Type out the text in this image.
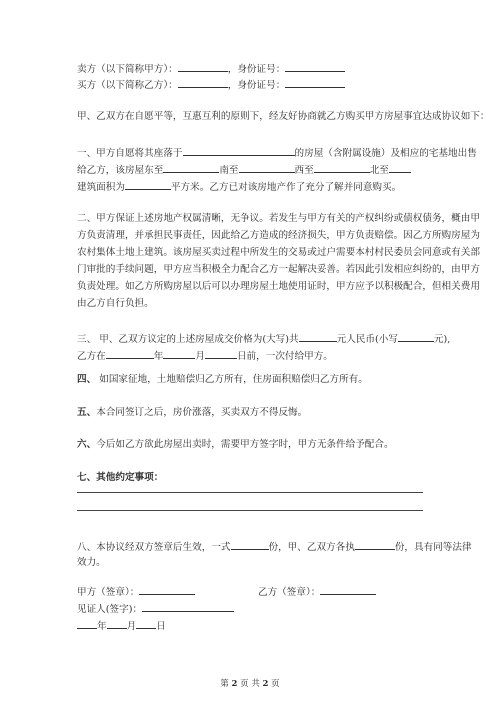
卖方（以下简称甲方）：	，身份证号：
买方（以下简称乙方）：	，身份证号：
甲、乙双方在自愿平等，互惠互利的原则下，经友好协商就乙方购买甲方房屋事宜达成协议如下：
一、甲方自愿将其座落于	的房屋（含附属设施）及相应的宅基地出售
给乙方，该房屋东至	南至	西至	北至
建筑面积为	平方米。乙方已对该房地产作了充分了解并同意购买。
二、甲方保证上述房地产权属清晰，无争议。若发生与甲方有关的产权纠纷或债权债务，概由甲
方负责清理，并承担民事责任，因此给乙方造成的经济损失，甲方负责赔偿。因乙方所购房屋为
农村集体土地上建筑。该房屋买卖过程中所发生的交易或过户需要本村村民委员会同意或有关部
门审批的手续问题，甲方应当积极全力配合乙方一起解决妥善。若因此引发相应纠纷的，由甲方
负责处理。如乙方所购房屋以后可以办理房屋土地使用证时，甲方应予以积极配合，但相关费用
由乙方自行负担。
三、 甲、乙双方议定的上述房屋成交价格为(大写)共	元人民币(小写	元),
乙方在	年	月	日前，一次付给甲方。
四、 如国家征地，土地赔偿归乙方所有，住房面积赔偿归乙方所有。
五、本合同签订之后，房价涨落，买卖双方不得反悔。
六、今后如乙方欲此房屋出卖时，需要甲方签字时，甲方无条件给予配合。
七、其他约定事项：
八、本协议经双方签章后生效，一式	份，甲、乙双方各执	份，具有同等法律
效力。
甲方（签章）：	乙方（签章）：
见证人(签字)：
年 月 日
第 2 页 共 2 页
